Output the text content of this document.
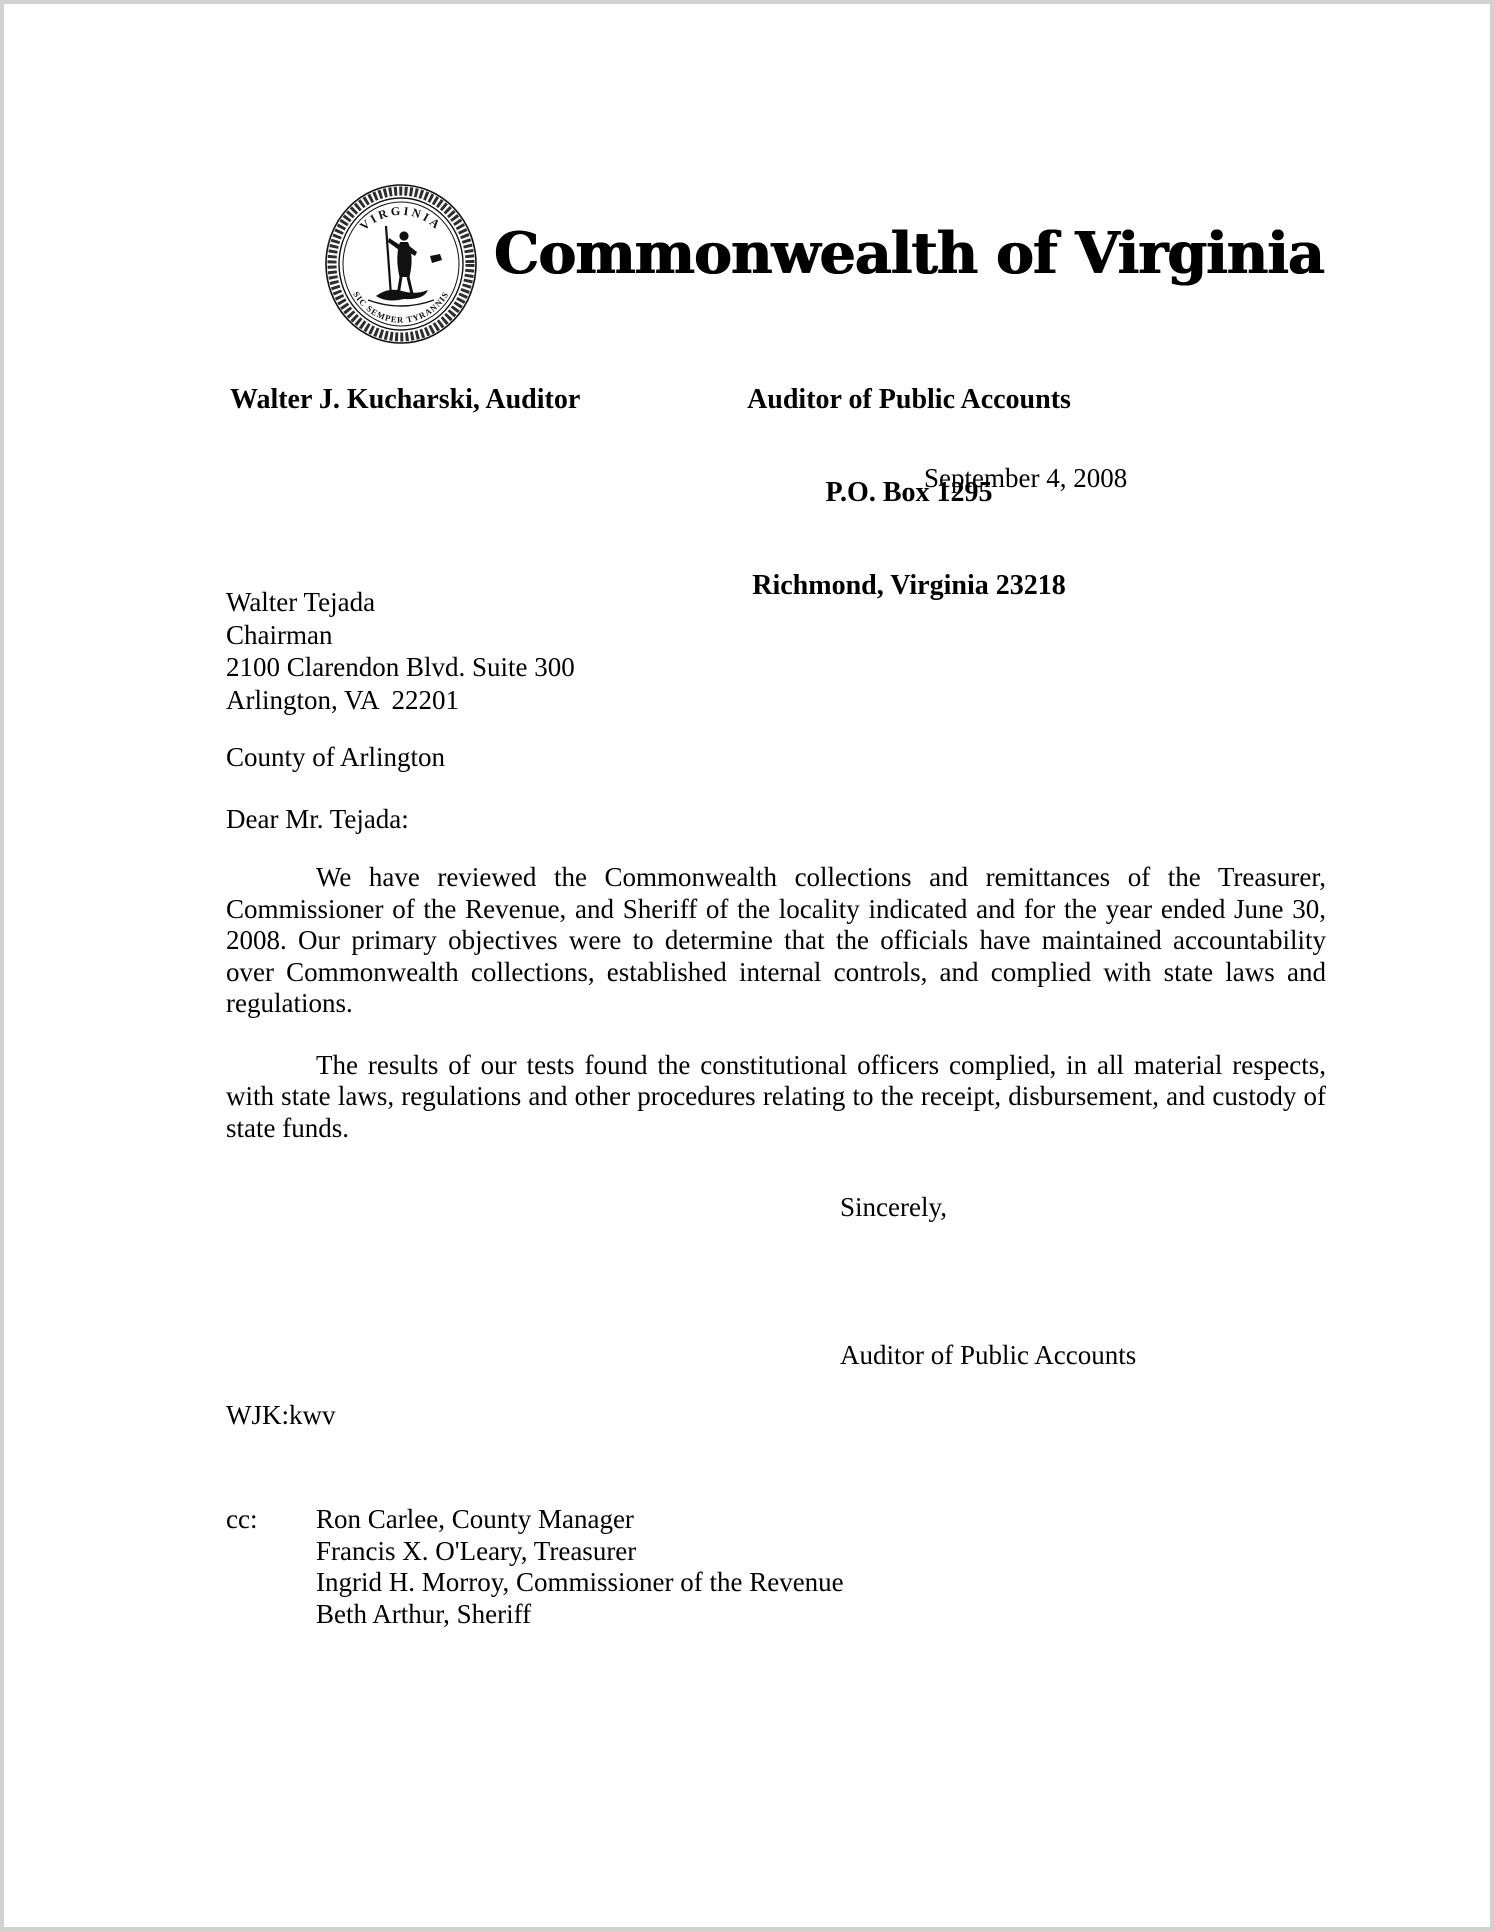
VIRGINIA
SIC SEMPER TYRANNIS
Commonwealth of Virginia

Auditor of Public Accounts

P.O. Box 1295

Richmond, Virginia 23218

Walter J. Kucharski, Auditor
September 4, 2008
Walter Tejada
Chairman
2100 Clarendon Blvd. Suite 300
Arlington, VA  22201
County of Arlington
Dear Mr. Tejada:

We have reviewed the Commonwealth collections and remittances of the Treasurer, Commissioner of the Revenue, and Sheriff of the locality indicated and for the year ended June 30, 2008. Our primary objectives were to determine that the officials have maintained accountability over Commonwealth collections, established internal controls, and complied with state laws and regulations.

The results of our tests found the constitutional officers complied, in all material respects, with state laws, regulations and other procedures relating to the receipt, disbursement, and custody of state funds.

Sincerely,
Auditor of Public Accounts
WJK:kwv
cc: Ron Carlee, County Manager
Francis X. O'Leary, Treasurer
Ingrid H. Morroy, Commissioner of the Revenue
Beth Arthur, Sheriff
